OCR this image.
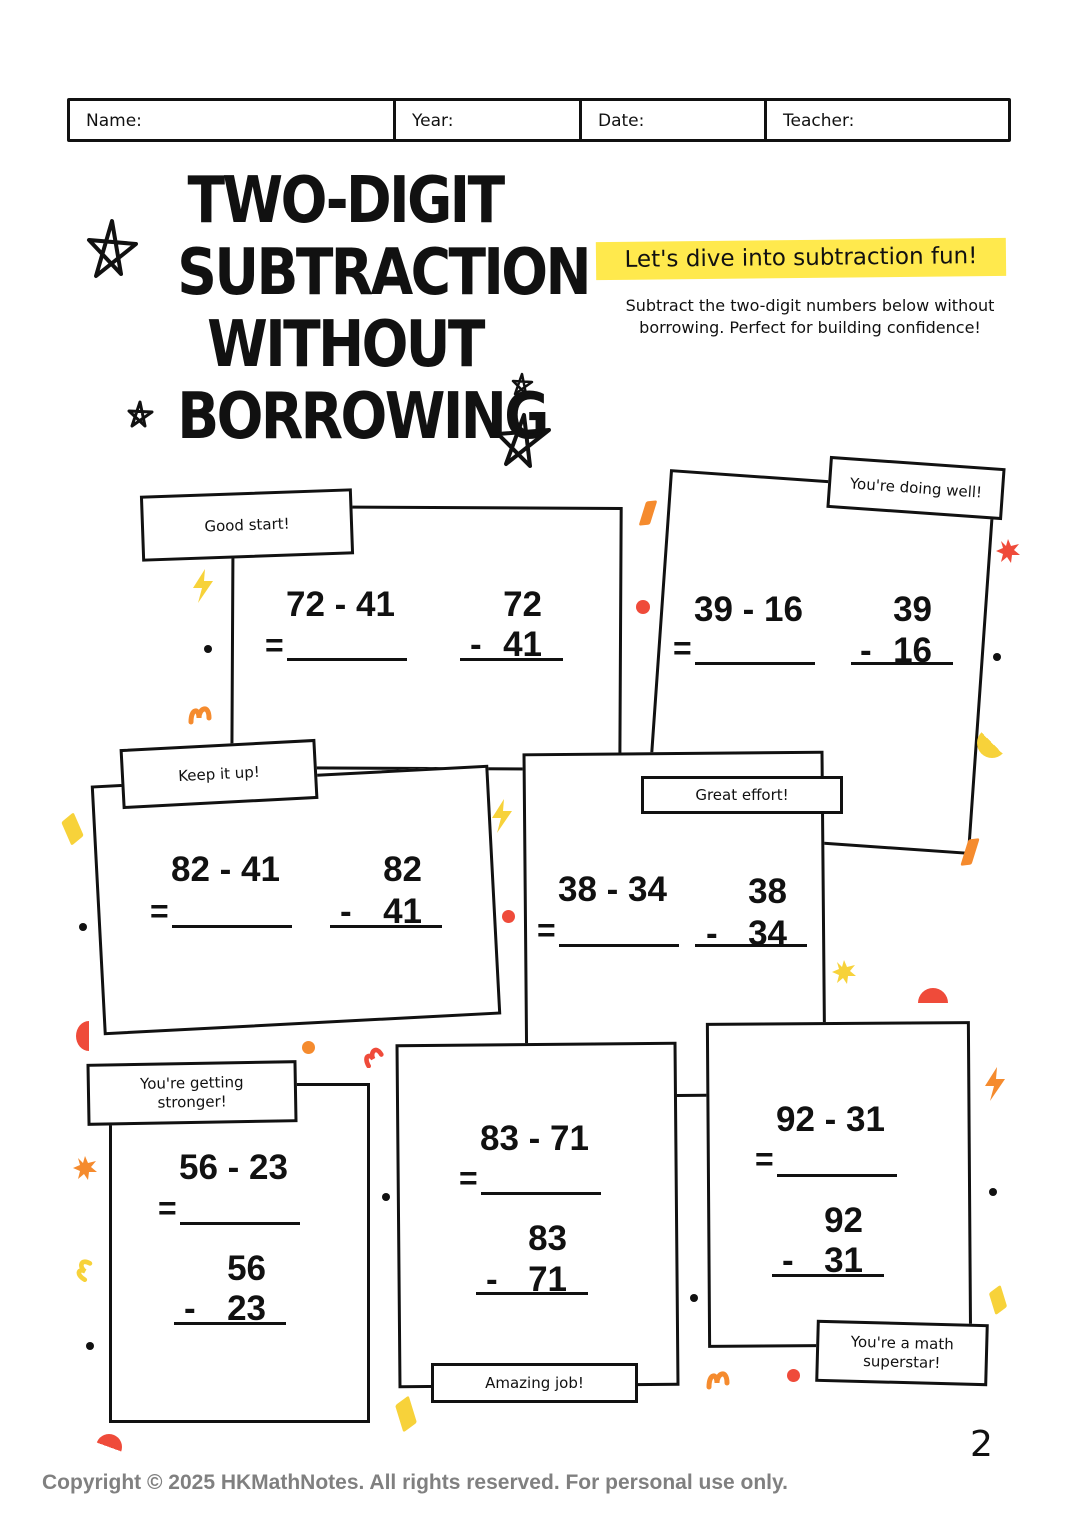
Name:	Year:	Date:	Teacher:
TWO-DIGIT
SUBTRACTION
WITHOUT
BORROWING
Let's dive into subtraction fun!
Subtract the two-digit numbers below without borrowing. Perfect for building confidence!
Good start!
72 - 41
=
72
- 41
You're doing well!
39 - 16
=
39
- 16
Keep it up!
82 - 41
=
82
- 41
Great effort!
38 - 34
=
38
- 34
You're getting stronger!
56 - 23
=
56
- 23
Amazing job!
83 - 71
=
83
- 71
You're a math superstar!
92 - 31
=
92
- 31
2
Copyright © 2025 HKMathNotes. All rights reserved. For personal use only.
